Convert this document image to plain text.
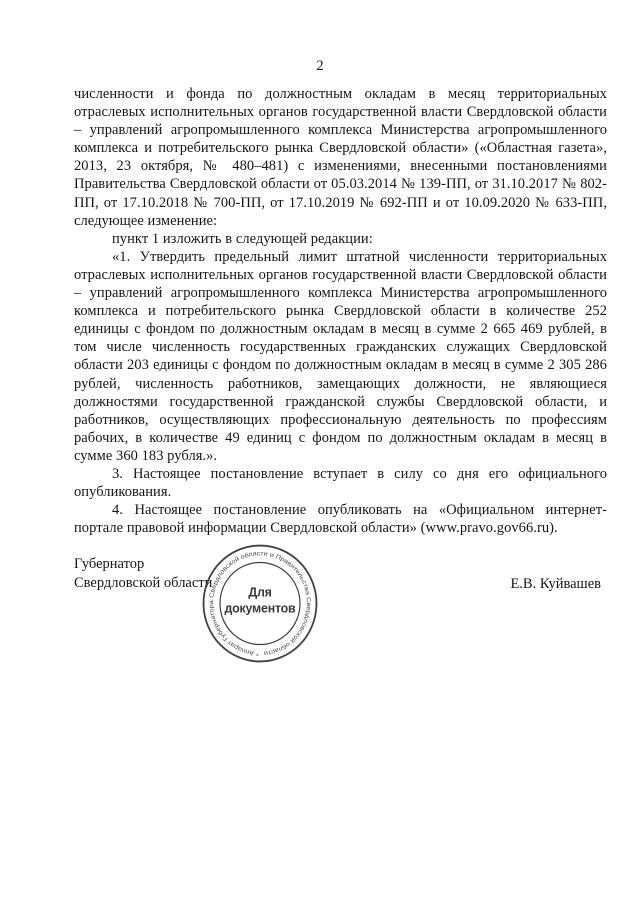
2

численности и фонда по должностным окладам в месяц территориальных отраслевых исполнительных органов государственной власти Свердловской области – управлений агропромышленного комплекса Министерства агропромышленного комплекса и потребительского рынка Свердловской области» («Областная газета», 2013, 23 октября, № 480–481) с изменениями, внесенными постановлениями Правительства Свердловской области от 05.03.2014 № 139-ПП, от 31.10.2017 № 802-ПП, от 17.10.2018 № 700-ПП, от 17.10.2019 № 692-ПП и от 10.09.2020 № 633-ПП, следующее изменение:

пункт 1 изложить в следующей редакции:

«1. Утвердить предельный лимит штатной численности территориальных отраслевых исполнительных органов государственной власти Свердловской области – управлений агропромышленного комплекса Министерства агропромышленного комплекса и потребительского рынка Свердловской области в количестве 252 единицы с фондом по должностным окладам в месяц в сумме 2 665 469 рублей, в том числе численность государственных гражданских служащих Свердловской области 203 единицы с фондом по должностным окладам в месяц в сумме 2 305 286 рублей, численность работников, замещающих должности, не являющиеся должностями государственной гражданской службы Свердловской области, и работников, осуществляющих профессиональную деятельность по профессиям рабочих, в количестве 49 единиц с фондом по должностным окладам в месяц в сумме 360 183 рубля.».

3. Настоящее постановление вступает в силу со дня его официального опубликования.

4. Настоящее постановление опубликовать на «Официальном интернет-портале правовой информации Свердловской области» (www.pravo.gov66.ru).

Губернатор
Свердловской области	Е.В. Куйвашев
* Аппарат Губернатора Свердловской области и Правительства Свердловской области
Для
документов
